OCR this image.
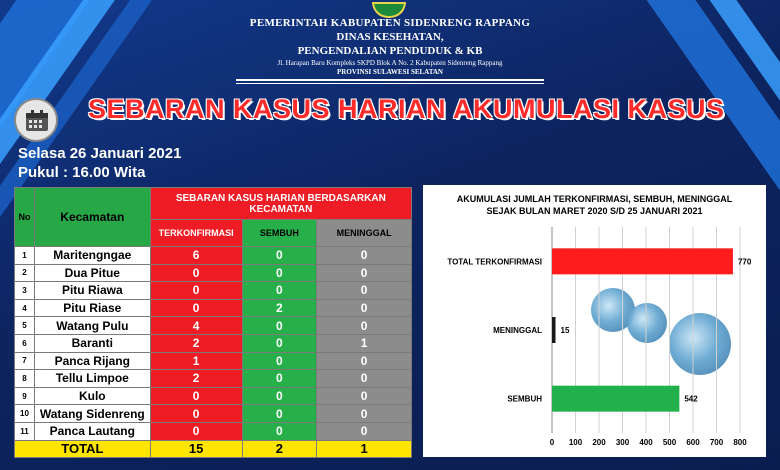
PEMERINTAH KABUPATEN SIDENRENG RAPPANG
DINAS KESEHATAN,
PENGENDALIAN PENDUDUK & KB
Jl. Harapan Baru Kompleks SKPD Blok A No. 2 Kabupaten Sidenreng Rappang
PROVINSI SULAWESI SELATAN
SEBARAN KASUS HARIAN AKUMULASI KASUS
Selasa 26 Januari 2021
Pukul : 16.00 Wita
No	Kecamatan	SEBARAN KASUS HARIAN BERDASARKAN KECAMATAN		
		TERKONFIRMASI	SEMBUH	MENINGGAL
1	Maritengngae	6	0	0
2	Dua Pitue	0	0	0
3	Pitu Riawa	0	0	0
4	Pitu Riase	0	2	0
5	Watang Pulu	4	0	0
6	Baranti	2	0	1
7	Panca Rijang	1	0	0
8	Tellu Limpoe	2	0	0
9	Kulo	0	0	0
10	Watang Sidenreng	0	0	0
11	Panca Lautang	0	0	0
TOTAL		15	2	1
AKUMULASI JUMLAH TERKONFIRMASI, SEMBUH, MENINGGAL
SEJAK BULAN MARET 2020 S/D 25 JANUARI 2021
0 100 200 300 400 500 600 700 800
TOTAL TERKONFIRMASI	770
MENINGGAL 15
SEMBUH	542
